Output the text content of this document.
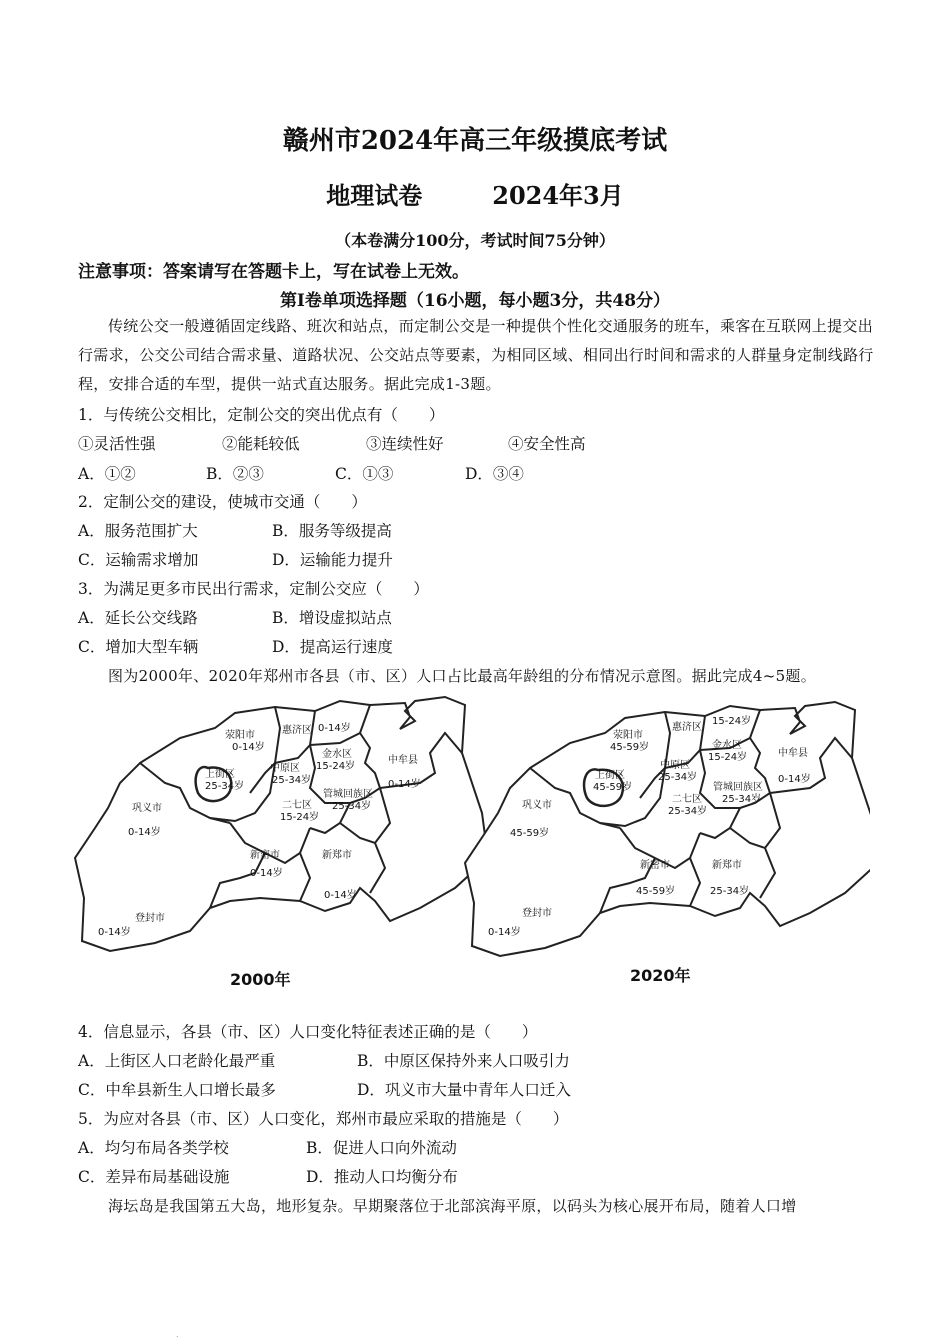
赣州市2024年高三年级摸底考试
地理试卷	2024年3月
（本卷满分100分，考试时间75分钟）
注意事项：答案请写在答题卡上，写在试卷上无效。
第Ⅰ卷单项选择题（16小题，每小题3分，共48分）
传统公交一般遵循固定线路、班次和站点，而定制公交是一种提供个性化交通服务的班车，乘客在互联网上提交出行需求，公交公司结合需求量、道路状况、公交站点等要素，为相同区域、相同出行时间和需求的人群量身定制线路行程，安排合适的车型，提供一站式直达服务。据此完成1-3题。
1．与传统公交相比，定制公交的突出优点有（　　）
①灵活性强	②能耗较低	③连续性好	④安全性高
A．①②	B．②③	C．①③	D．③④
2．定制公交的建设，使城市交通（　　）
A．服务范围扩大	B．服务等级提高
C．运输需求增加	D．运输能力提升
3．为满足更多市民出行需求，定制公交应（　　）
A．延长公交线路	B．增设虚拟站点
C．增加大型车辆	D．提高运行速度
图为2000年、2020年郑州市各县（市、区）人口占比最高年龄组的分布情况示意图。据此完成4~5题。
荥阳市
0-14岁
惠济区 0-14岁
上街区
25-34岁
中原区
25-34岁
金水区
15-24岁
中牟县
0-14岁
二七区
15-24岁
管城回族区
25-34岁
巩义市
0-14岁
新密市
0-14岁
新郑市
0-14岁
登封市
0-14岁
2000年
荥阳市
45-59岁
惠济区
15-24岁
上街区
45-59岁
中原区
25-34岁
金水区
15-24岁	中牟县
0-14岁
二七区
25-34岁
管城回族区
25-34岁
巩义市
45-59岁
新密市
45-59岁
新郑市
25-34岁
登封市
0-14岁
2020年
4．信息显示，各县（市、区）人口变化特征表述正确的是（　　）
A．上街区人口老龄化最严重	B．中原区保持外来人口吸引力
C．中牟县新生人口增长最多	D．巩义市大量中青年人口迁入
5．为应对各县（市、区）人口变化，郑州市最应采取的措施是（　　）
A．均匀布局各类学校	B．促进人口向外流动
C．差异布局基础设施	D．推动人口均衡分布
海坛岛是我国第五大岛，地形复杂。早期聚落位于北部滨海平原，以码头为核心展开布局，随着人口增
.
